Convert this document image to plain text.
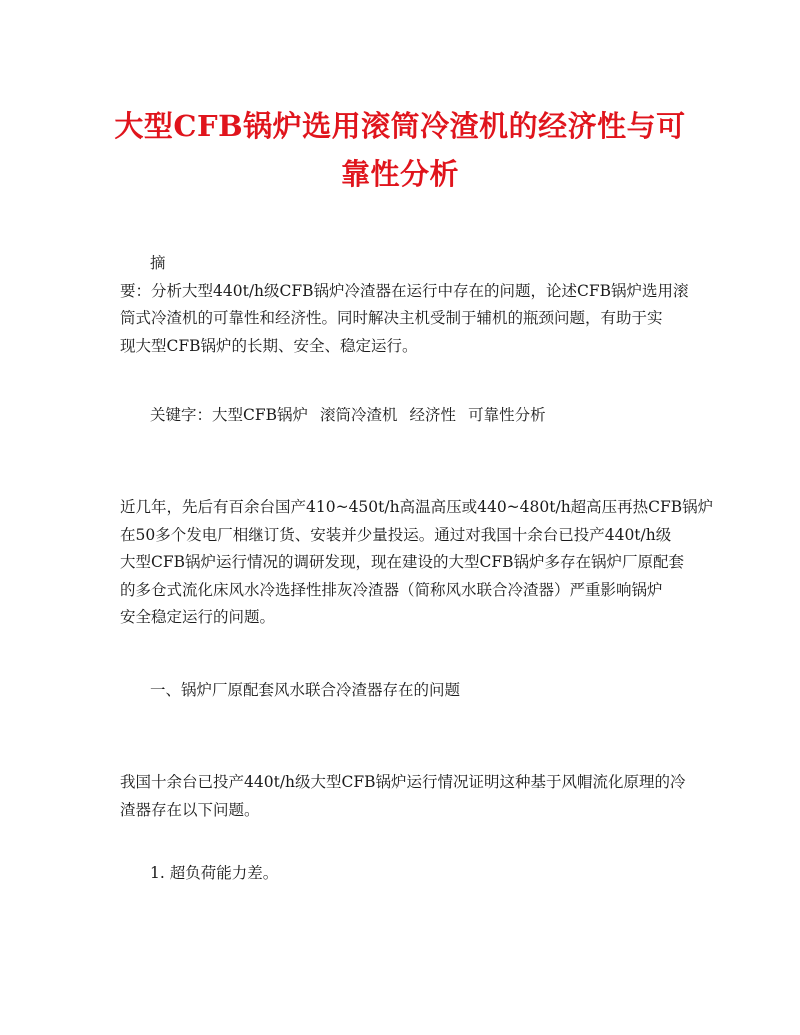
大型CFB锅炉选用滚筒冷渣机的经济性与可
靠性分析
摘
要：分析大型440t/h级CFB锅炉冷渣器在运行中存在的问题，论述CFB锅炉选用滚
筒式冷渣机的可靠性和经济性。同时解决主机受制于辅机的瓶颈问题，有助于实
现大型CFB锅炉的长期、安全、稳定运行。
关键字：大型CFB锅炉 滚筒冷渣机 经济性 可靠性分析
近几年，先后有百余台国产410~450t/h高温高压或440~480t/h超高压再热CFB锅炉
在50多个发电厂相继订货、安装并少量投运。通过对我国十余台已投产440t/h级
大型CFB锅炉运行情况的调研发现，现在建设的大型CFB锅炉多存在锅炉厂原配套
的多仓式流化床风水冷选择性排灰冷渣器（简称风水联合冷渣器）严重影响锅炉
安全稳定运行的问题。
一、锅炉厂原配套风水联合冷渣器存在的问题
我国十余台已投产440t/h级大型CFB锅炉运行情况证明这种基于风帽流化原理的冷
渣器存在以下问题。
1. 超负荷能力差。
